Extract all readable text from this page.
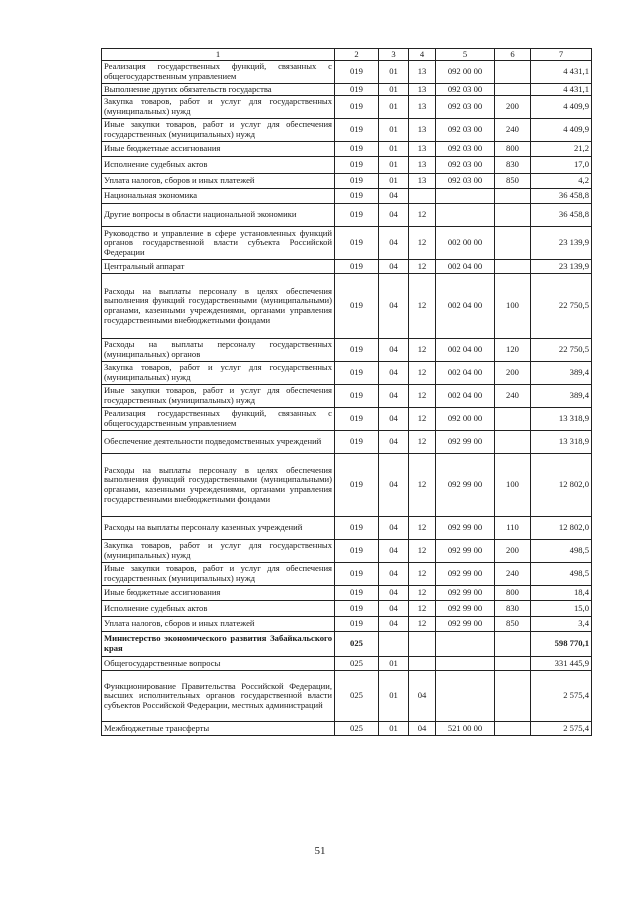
1	2	3	4	5	6	7
Реализация государственных функций, связанных с общегосударственным управлением	019	01	13	092 00 00		4 431,1
Выполнение других обязательств государства	019	01	13	092 03 00		4 431,1
Закупка товаров, работ и услуг для государственных (муниципальных) нужд	019	01	13	092 03 00	200	4 409,9
Иные закупки товаров, работ и услуг для обеспечения государственных (муниципальных) нужд	019	01	13	092 03 00	240	4 409,9
Иные бюджетные ассигнования	019	01	13	092 03 00	800	21,2
Исполнение судебных актов	019	01	13	092 03 00	830	17,0
Уплата налогов, сборов и иных платежей	019	01	13	092 03 00	850	4,2
Национальная экономика	019	04				36 458,8
Другие вопросы в области национальной экономики	019	04	12			36 458,8
Руководство и управление в сфере установленных функций органов государственной власти субъекта Российской Федерации	019	04	12	002 00 00		23 139,9
Центральный аппарат	019	04	12	002 04 00		23 139,9
Расходы на выплаты персоналу в целях обеспечения выполнения функций государственными (муниципальными) органами, казенными учреждениями, органами управления государственными внебюджетными фондами	019	04	12	002 04 00	100	22 750,5
Расходы на выплаты персоналу государственных (муниципальных) органов	019	04	12	002 04 00	120	22 750,5
Закупка товаров, работ и услуг для государственных (муниципальных) нужд	019	04	12	002 04 00	200	389,4
Иные закупки товаров, работ и услуг для обеспечения государственных (муниципальных) нужд	019	04	12	002 04 00	240	389,4
Реализация государственных функций, связанных с общегосударственным управлением	019	04	12	092 00 00		13 318,9
Обеспечение деятельности подведомственных учреждений	019	04	12	092 99 00		13 318,9
Расходы на выплаты персоналу в целях обеспечения выполнения функций государственными (муниципальными) органами, казенными учреждениями, органами управления государственными внебюджетными фондами	019	04	12	092 99 00	100	12 802,0
Расходы на выплаты персоналу казенных учреждений	019	04	12	092 99 00	110	12 802,0
Закупка товаров, работ и услуг для государственных (муниципальных) нужд	019	04	12	092 99 00	200	498,5
Иные закупки товаров, работ и услуг для обеспечения государственных (муниципальных) нужд	019	04	12	092 99 00	240	498,5
Иные бюджетные ассигнования	019	04	12	092 99 00	800	18,4
Исполнение судебных актов	019	04	12	092 99 00	830	15,0
Уплата налогов, сборов и иных платежей	019	04	12	092 99 00	850	3,4
Министерство экономического развития Забайкальского края	025					598 770,1
Общегосударственные вопросы	025	01				331 445,9
Функционирование Правительства Российской Федерации, высших исполнительных органов государственной власти субъектов Российской Федерации, местных администраций	025	01	04			2 575,4
Межбюджетные трансферты	025	01	04	521 00 00		2 575,4
51
